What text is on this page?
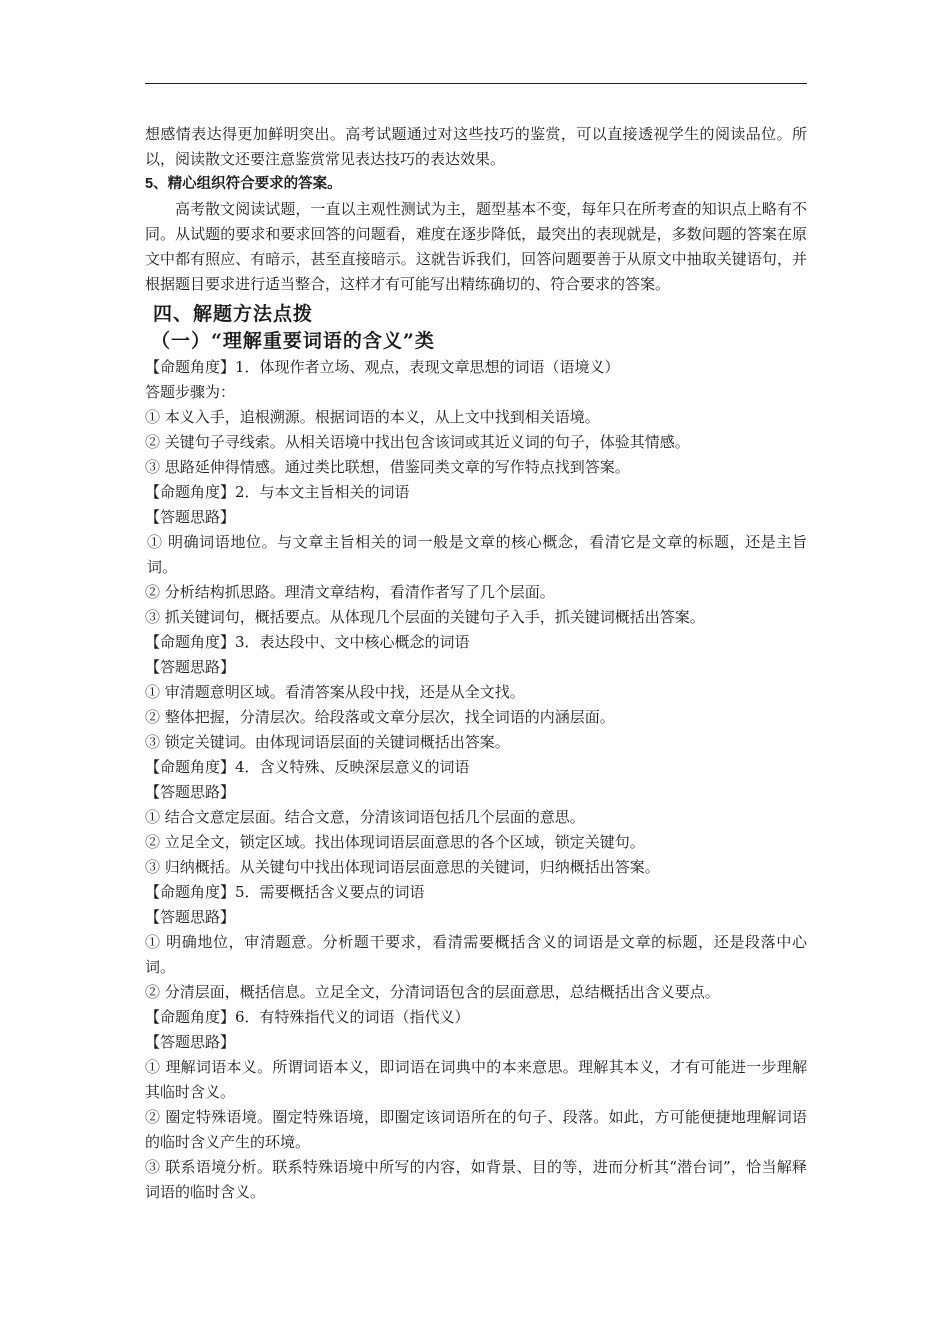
想感情表达得更加鲜明突出。高考试题通过对这些技巧的鉴赏，可以直接透视学生的阅读品位。所以，阅读散文还要注意鉴赏常见表达技巧的表达效果。

5、精心组织符合要求的答案。

高考散文阅读试题，一直以主观性测试为主，题型基本不变，每年只在所考查的知识点上略有不同。从试题的要求和要求回答的问题看，难度在逐步降低，最突出的表现就是，多数问题的答案在原文中都有照应、有暗示，甚至直接暗示。这就告诉我们，回答问题要善于从原文中抽取关键语句，并根据题目要求进行适当整合，这样才有可能写出精练确切的、符合要求的答案。

四、解题方法点拨

（一）“理解重要词语的含义”类

【命题角度】1．体现作者立场、观点，表现文章思想的词语（语境义）

答题步骤为：

① 本义入手，追根溯源。根据词语的本义，从上文中找到相关语境。

② 关键句子寻线索。从相关语境中找出包含该词或其近义词的句子，体验其情感。

③ 思路延伸得情感。通过类比联想，借鉴同类文章的写作特点找到答案。

【命题角度】2．与本文主旨相关的词语

【答题思路】

① 明确词语地位。与文章主旨相关的词一般是文章的核心概念，看清它是文章的标题，还是主旨词。

② 分析结构抓思路。理清文章结构，看清作者写了几个层面。

③ 抓关键词句，概括要点。从体现几个层面的关键句子入手，抓关键词概括出答案。

【命题角度】3．表达段中、文中核心概念的词语

【答题思路】

① 审清题意明区域。看清答案从段中找，还是从全文找。

② 整体把握，分清层次。给段落或文章分层次，找全词语的内涵层面。

③ 锁定关键词。由体现词语层面的关键词概括出答案。

【命题角度】4．含义特殊、反映深层意义的词语

【答题思路】

① 结合文意定层面。结合文意，分清该词语包括几个层面的意思。

② 立足全文，锁定区域。找出体现词语层面意思的各个区域，锁定关键句。

③ 归纳概括。从关键句中找出体现词语层面意思的关键词，归纳概括出答案。

【命题角度】5．需要概括含义要点的词语

【答题思路】

① 明确地位，审清题意。分析题干要求，看清需要概括含义的词语是文章的标题，还是段落中心词。

② 分清层面，概括信息。立足全文，分清词语包含的层面意思，总结概括出含义要点。

【命题角度】6．有特殊指代义的词语（指代义）

【答题思路】

① 理解词语本义。所谓词语本义，即词语在词典中的本来意思。理解其本义，才有可能进一步理解其临时含义。

② 圈定特殊语境。圈定特殊语境，即圈定该词语所在的句子、段落。如此，方可能便捷地理解词语的临时含义产生的环境。

③ 联系语境分析。联系特殊语境中所写的内容，如背景、目的等，进而分析其“潜台词”，恰当解释词语的临时含义。
